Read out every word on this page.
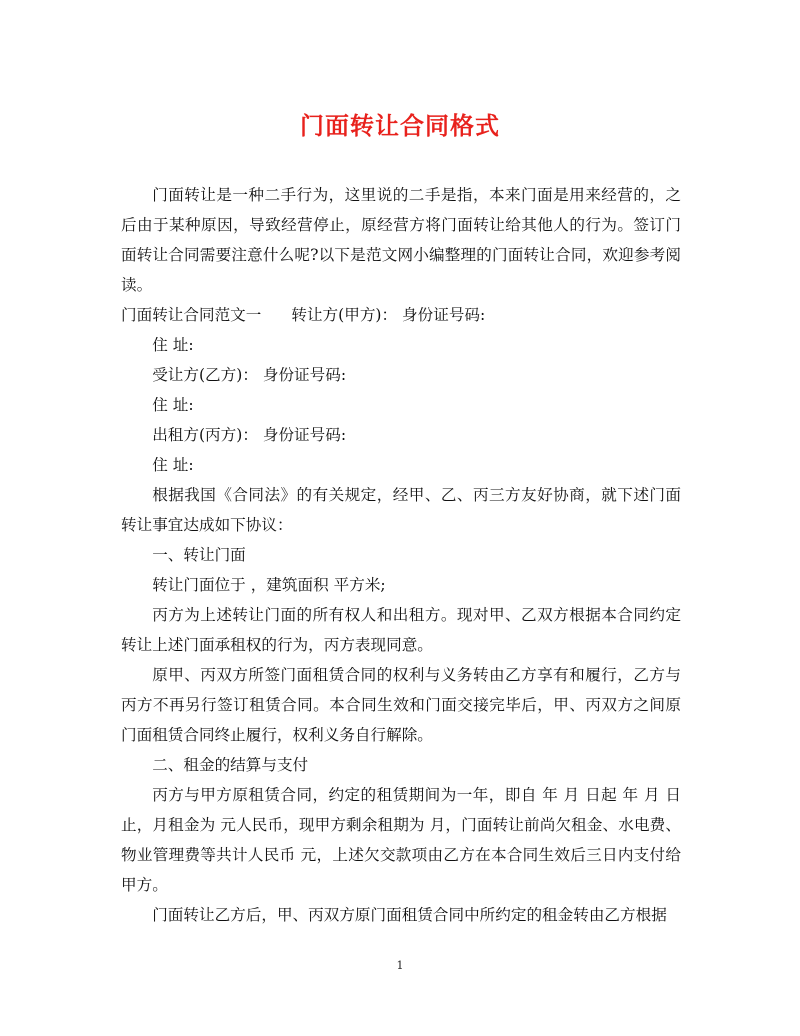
门面转让合同格式

门面转让是一种二手行为，这里说的二手是指，本来门面是用来经营的，之后由于某种原因，导致经营停止，原经营方将门面转让给其他人的行为。签订门面转让合同需要注意什么呢?以下是范文网小编整理的门面转让合同，欢迎参考阅读。

门面转让合同范文一 转让方(甲方)： 身份证号码:

住 址:

受让方(乙方)： 身份证号码:

住 址:

出租方(丙方)： 身份证号码:

住 址:

根据我国《合同法》的有关规定，经甲、乙、丙三方友好协商，就下述门面转让事宜达成如下协议：

一、转让门面

转让门面位于 ，建筑面积 平方米;

丙方为上述转让门面的所有权人和出租方。现对甲、乙双方根据本合同约定转让上述门面承租权的行为，丙方表现同意。

原甲、丙双方所签门面租赁合同的权利与义务转由乙方享有和履行，乙方与丙方不再另行签订租赁合同。本合同生效和门面交接完毕后，甲、丙双方之间原门面租赁合同终止履行，权利义务自行解除。

二、租金的结算与支付

丙方与甲方原租赁合同，约定的租赁期间为一年，即自 年 月 日起 年 月 日止，月租金为 元人民币，现甲方剩余租期为 月，门面转让前尚欠租金、水电费、物业管理费等共计人民币 元，上述欠交款项由乙方在本合同生效后三日内支付给甲方。

门面转让乙方后，甲、丙双方原门面租赁合同中所约定的租金转由乙方根据

1
